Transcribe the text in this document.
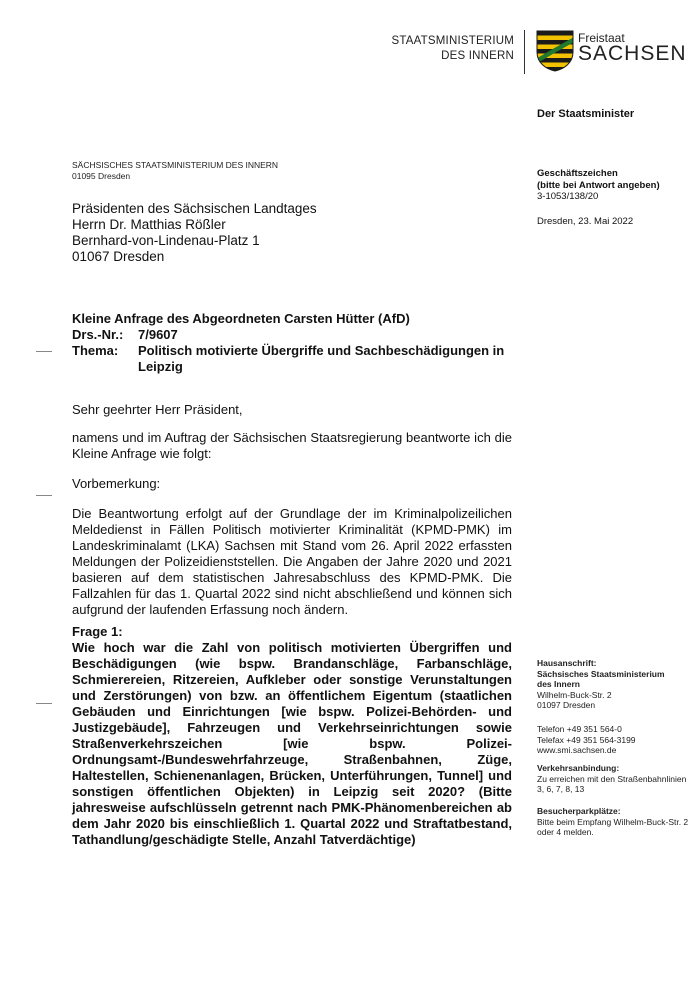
STAATSMINISTERIUM
DES INNERN
Freistaat
SACHSEN
Der Staatsminister
SÄCHSISCHES STAATSMINISTERIUM DES INNERN
01095 Dresden
Präsidenten des Sächsischen Landtages
Herrn Dr. Matthias Rößler
Bernhard-von-Lindenau-Platz 1
01067 Dresden
Geschäftszeichen
(bitte bei Antwort angeben)
3-1053/138/20
Dresden, 23. Mai 2022
Kleine Anfrage des Abgeordneten Carsten Hütter (AfD)
Drs.-Nr.:	7/9607
Thema:	Politisch motivierte Übergriffe und Sachbeschädigungen in Leipzig
Sehr geehrter Herr Präsident,
namens und im Auftrag der Sächsischen Staatsregierung beantworte ich die Kleine Anfrage wie folgt:
Vorbemerkung:
Die Beantwortung erfolgt auf der Grundlage der im Kriminalpolizeilichen Meldedienst in Fällen Politisch motivierter Kriminalität (KPMD-PMK) im Landeskriminalamt (LKA) Sachsen mit Stand vom 26. April 2022 erfassten Meldungen der Polizeidienststellen. Die Angaben der Jahre 2020 und 2021 basieren auf dem statistischen Jahresabschluss des KPMD-PMK. Die Fallzahlen für das 1. Quartal 2022 sind nicht abschließend und können sich aufgrund der laufenden Erfassung noch ändern.
Frage 1:
Wie hoch war die Zahl von politisch motivierten Übergriffen und Beschädigungen (wie bspw. Brandanschläge, Farbanschläge, Schmierereien, Ritzereien, Aufkleber oder sonstige Verunstaltungen und Zerstörungen) von bzw. an öffentlichem Eigentum (staatlichen Gebäuden und Einrichtungen [wie bspw. Polizei-Behörden- und Justizgebäude], Fahrzeugen und Verkehrseinrichtungen sowie Straßenverkehrszeichen [wie bspw. Polizei-Ordnungsamt-/Bundeswehrfahrzeuge, Straßenbahnen, Züge, Haltestellen, Schienenanlagen, Brücken, Unterführungen, Tunnel] und sonstigen öffentlichen Objekten) in Leipzig seit 2020? (Bitte jahresweise aufschlüsseln getrennt nach PMK-Phänomenbereichen ab dem Jahr 2020 bis einschließlich 1. Quartal 2022 und Straftatbestand, Tathandlung/geschädigte Stelle, Anzahl Tatverdächtige)
Hausanschrift:
Sächsisches Staatsministerium
des Innern
Wilhelm-Buck-Str. 2
01097 Dresden
Telefon +49 351 564-0
Telefax +49 351 564-3199
www.smi.sachsen.de
Verkehrsanbindung:
Zu erreichen mit den Straßenbahnlinien 3, 6, 7, 8, 13
Besucherparkplätze:
Bitte beim Empfang Wilhelm-Buck-Str. 2 oder 4 melden.
